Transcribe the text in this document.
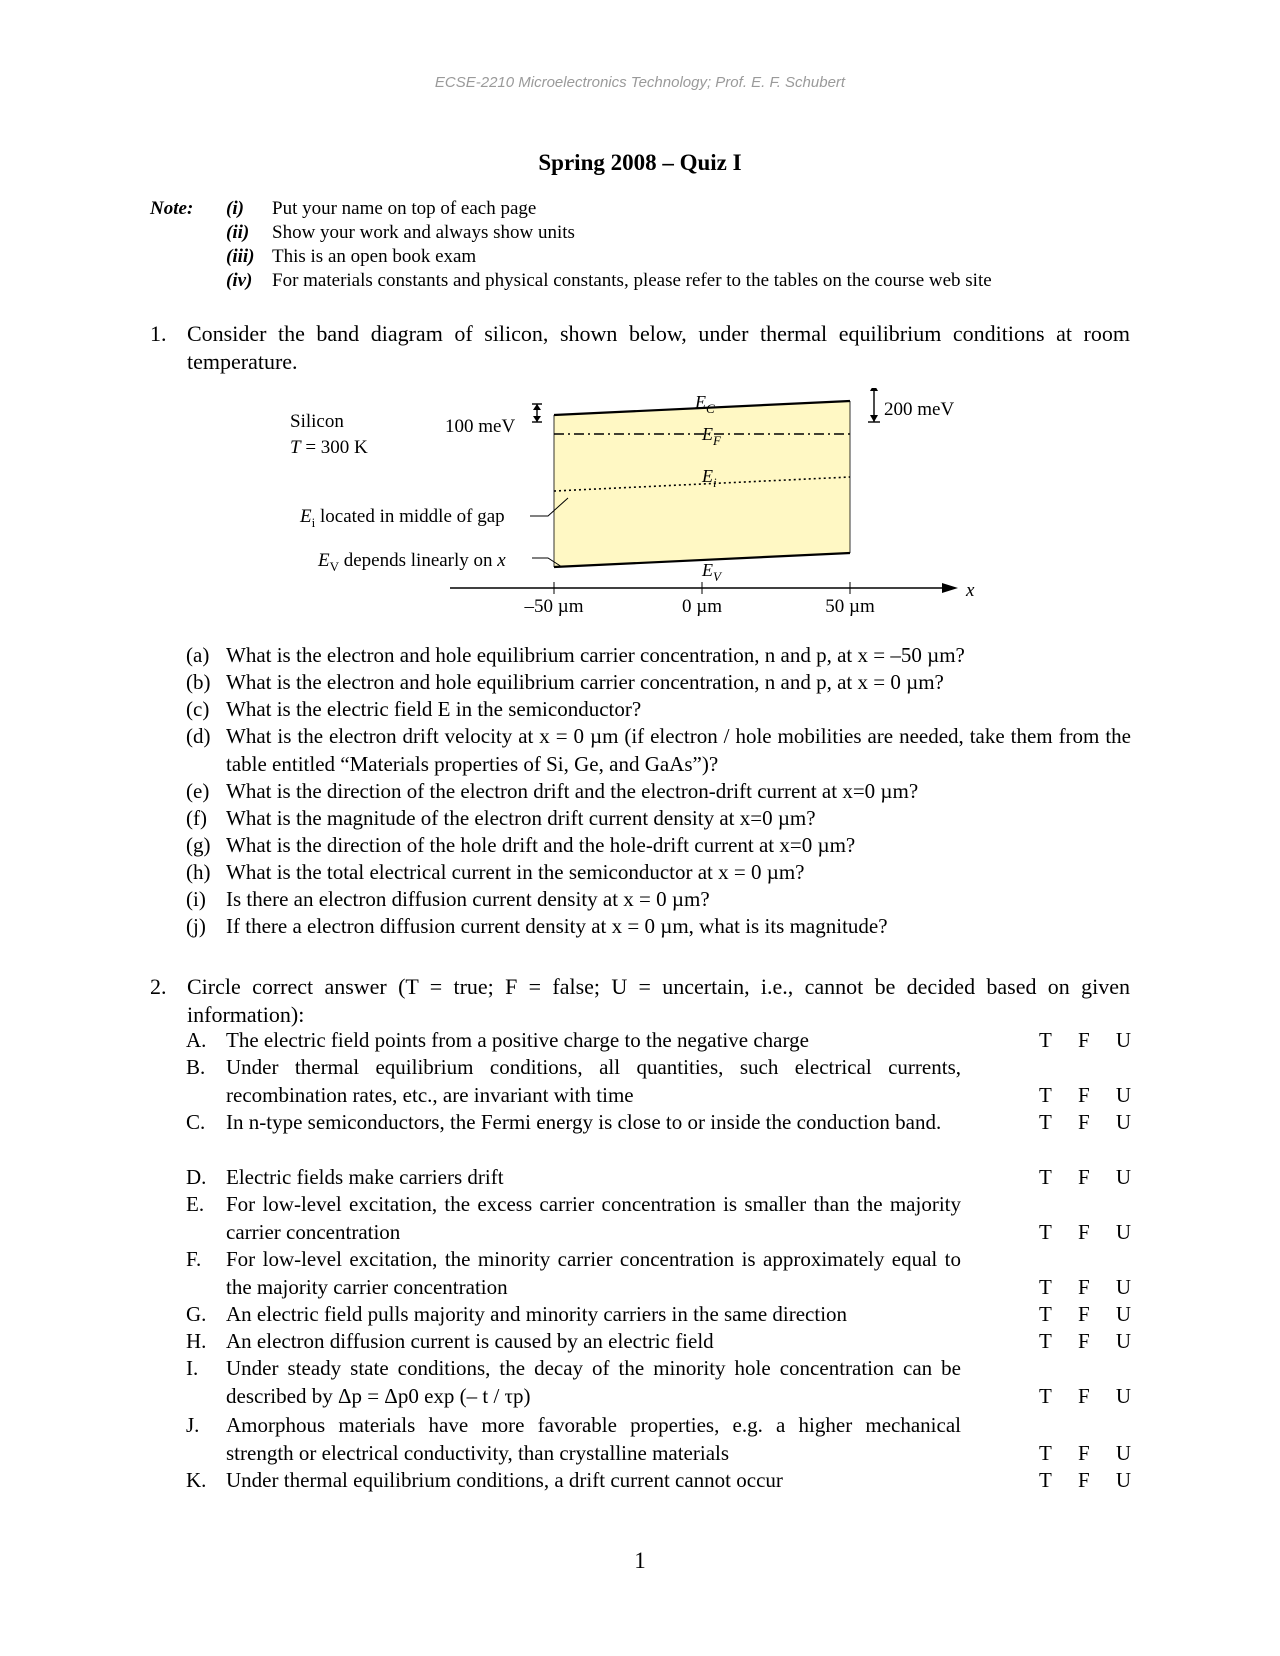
ECSE-2210 Microelectronics Technology; Prof. E. F. Schubert
Spring 2008 – Quiz I
Note: (i) Put your name on top of each page
(ii) Show your work and always show units
(iii) This is an open book exam
(iv) For materials constants and physical constants, please refer to the tables on the course web site
1. Consider the band diagram of silicon, shown below, under thermal equilibrium conditions at room temperature.
$E_C$
$E_F$
$E_i$
$E_V$
Silicon
T = 300 K
100 meV
200 meV
$E_i$ located in middle of gap
$E_V$ depends linearly on x
x
–50 µm	0 µm	50 µm
(a) What is the electron and hole equilibrium carrier concentration, n and p, at x = –50 µm?
(b) What is the electron and hole equilibrium carrier concentration, n and p, at x = 0 µm?
(c) What is the electric field E in the semiconductor?
(d) What is the electron drift velocity at x = 0 µm (if electron / hole mobilities are needed, take them from the table entitled “Materials properties of Si, Ge, and GaAs”)?
(e) What is the direction of the electron drift and the electron-drift current at x=0 µm?
(f) What is the magnitude of the electron drift current density at x=0 µm?
(g) What is the direction of the hole drift and the hole-drift current at x=0 µm?
(h) What is the total electrical current in the semiconductor at x = 0 µm?
(i) Is there an electron diffusion current density at x = 0 µm?
(j) If there a electron diffusion current density at x = 0 µm, what is its magnitude?
2. Circle correct answer (T = true; F = false; U = uncertain, i.e., cannot be decided based on given information):
A. The electric field points from a positive charge to the negative charge	T F U
B. Under thermal equilibrium conditions, all quantities, such electrical currents, recombination rates, etc., are invariant with time	T F U
C. In n-type semiconductors, the Fermi energy is close to or inside the conduction band.	T F U
D. Electric fields make carriers drift	T F U
E. For low-level excitation, the excess carrier concentration is smaller than the majority carrier concentration	T F U
F. For low-level excitation, the minority carrier concentration is approximately equal to the majority carrier concentration	T F U
G. An electric field pulls majority and minority carriers in the same direction	T F U
H. An electron diffusion current is caused by an electric field	T F U
I. Under steady state conditions, the decay of the minority hole concentration can be described by Δp = Δp0 exp (– t / τp)	T F U
J. Amorphous materials have more favorable properties, e.g. a higher mechanical strength or electrical conductivity, than crystalline materials	T F U
K. Under thermal equilibrium conditions, a drift current cannot occur	T F U
1
